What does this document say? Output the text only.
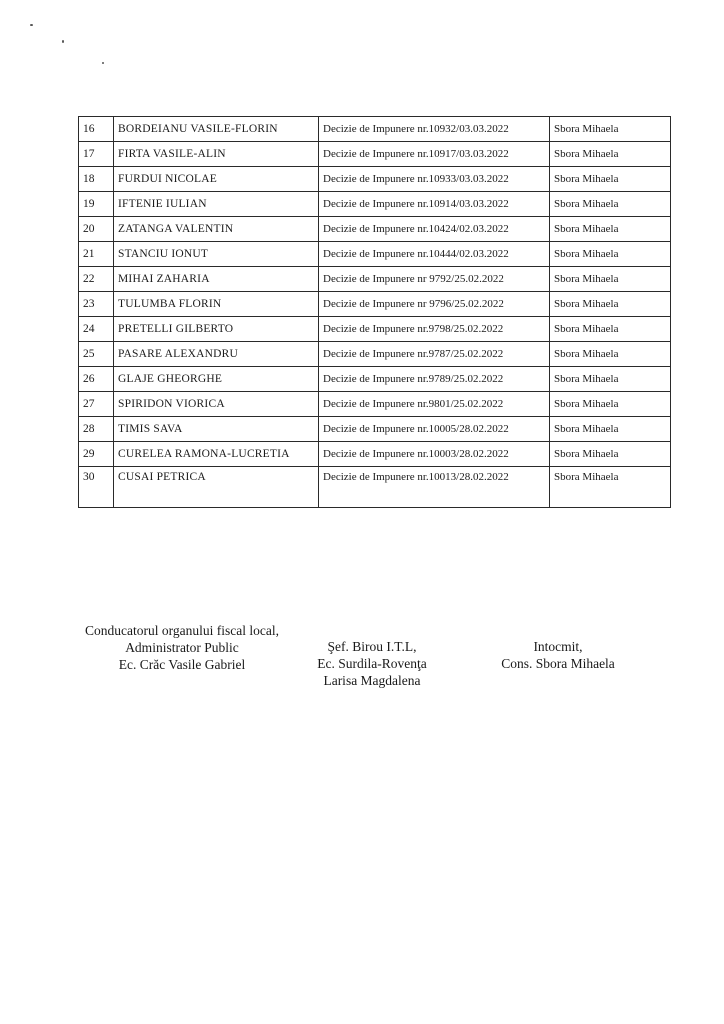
16	BORDEIANU VASILE-FLORIN	Decizie de Impunere nr.10932/03.03.2022	Sbora Mihaela
17	FIRTA VASILE-ALIN	Decizie de Impunere nr.10917/03.03.2022	Sbora Mihaela
18	FURDUI NICOLAE	Decizie de Impunere nr.10933/03.03.2022	Sbora Mihaela
19	IFTENIE IULIAN	Decizie de Impunere nr.10914/03.03.2022	Sbora Mihaela
20	ZATANGA VALENTIN	Decizie de Impunere nr.10424/02.03.2022	Sbora Mihaela
21	STANCIU IONUT	Decizie de Impunere nr.10444/02.03.2022	Sbora Mihaela
22	MIHAI ZAHARIA	Decizie de Impunere nr 9792/25.02.2022	Sbora Mihaela
23	TULUMBA FLORIN	Decizie de Impunere nr 9796/25.02.2022	Sbora Mihaela
24	PRETELLI GILBERTO	Decizie de Impunere nr.9798/25.02.2022	Sbora Mihaela
25	PASARE ALEXANDRU	Decizie de Impunere nr.9787/25.02.2022	Sbora Mihaela
26	GLAJE GHEORGHE	Decizie de Impunere nr.9789/25.02.2022	Sbora Mihaela
27	SPIRIDON VIORICA	Decizie de Impunere nr.9801/25.02.2022	Sbora Mihaela
28	TIMIS SAVA	Decizie de Impunere nr.10005/28.02.2022	Sbora Mihaela
29	CURELEA RAMONA-LUCRETIA	Decizie de Impunere nr.10003/28.02.2022	Sbora Mihaela
30	CUSAI PETRICA	Decizie de Impunere nr.10013/28.02.2022	Sbora Mihaela
Conducatorul organului fiscal local,
Administrator Public
Ec. Crăc Vasile Gabriel
Şef. Birou I.T.L,
Ec. Surdila-Rovenţa
Larisa Magdalena
Intocmit,
Cons. Sbora Mihaela
